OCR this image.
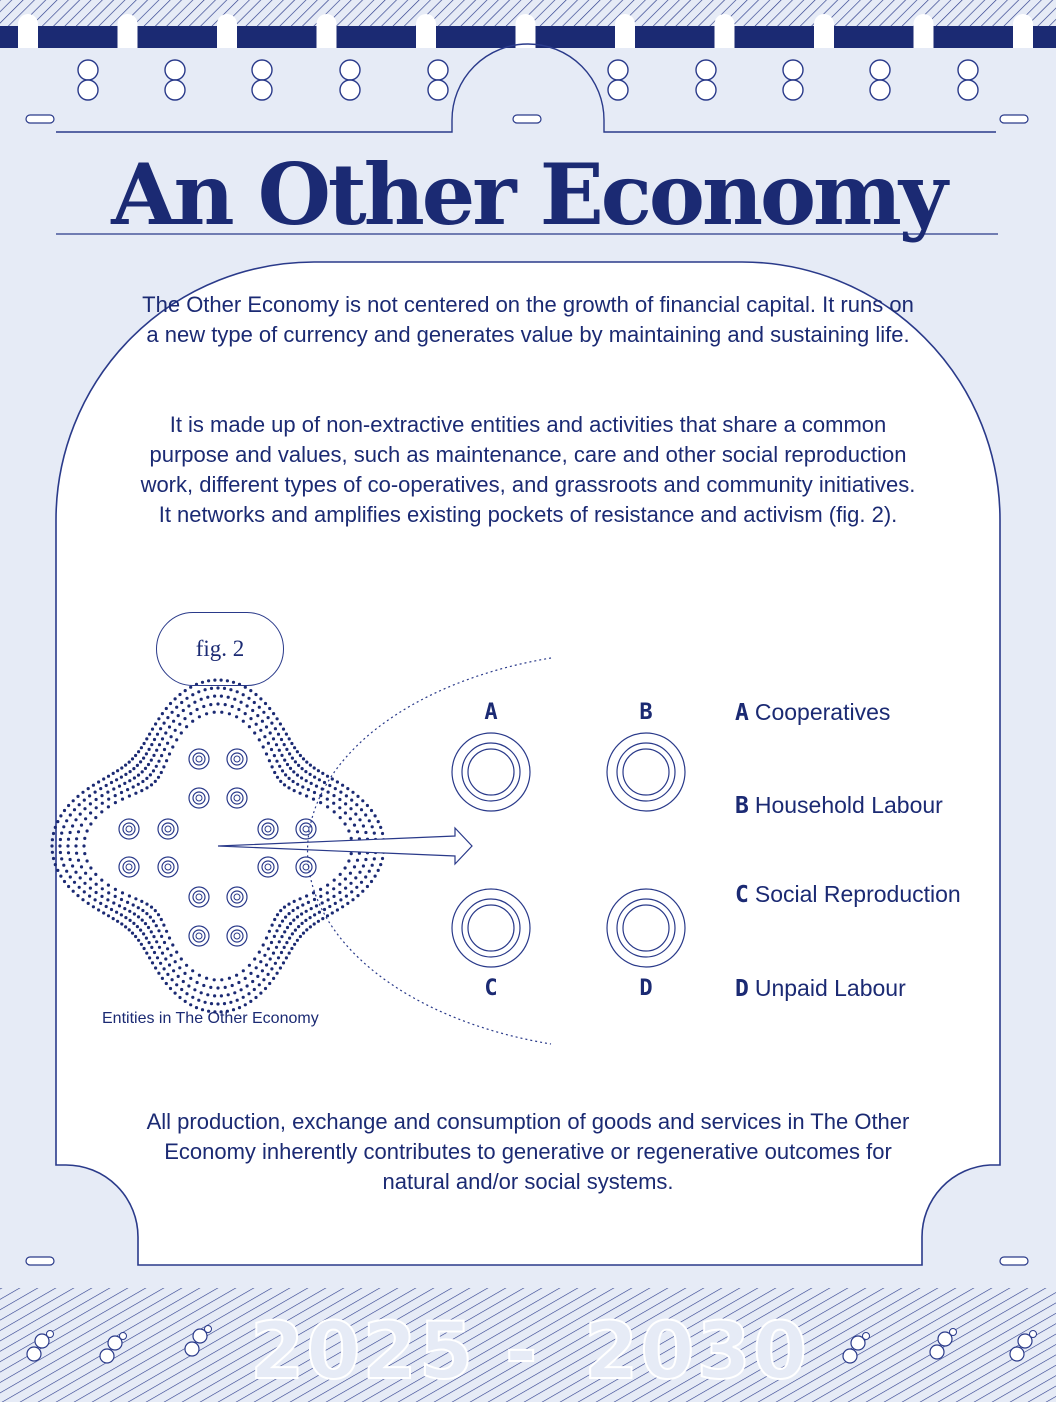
An Other Economy

The Other Economy is not centered on the growth of financial capital. It runs on a new type of currency and generates value by maintaining and sustaining life.

It is made up of non-extractive entities and activities that share a common purpose and values, such as maintenance, care and other social reproduction work, different types of co-operatives, and grassroots and community initiatives. It networks and amplifies existing pockets of resistance and activism (fig. 2).

fig. 2
Entities in The Other Economy
A	B
C	D
A Cooperatives
B Household Labour
C Social Reproduction
D Unpaid Labour

All production, exchange and consumption of goods and services in The Other Economy inherently contributes to generative or regenerative outcomes for natural and/or social systems.

2025 - 2030
